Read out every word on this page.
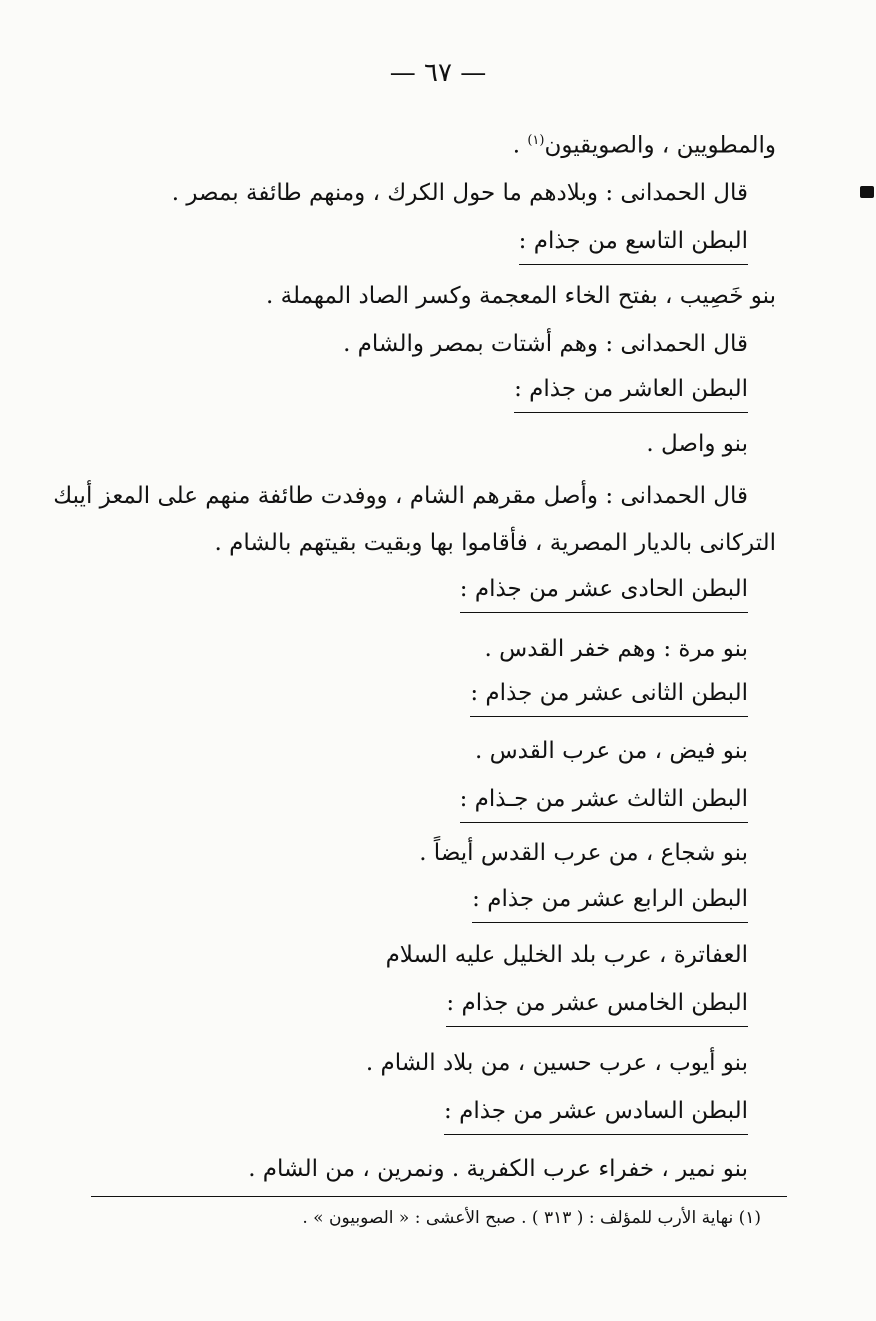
— ٦٧ —
والمطويين ، والصويقيون$^{(١)}$ .
قال الحمدانى : وبلادهم ما حول الكرك ، ومنهم طائفة بمصر .
البطن التاسع من جذام :
بنو خَصِيب ، بفتح الخاء المعجمة وكسر الصاد المهملة .
قال الحمدانى : وهم أشتات بمصر والشام .
البطن العاشر من جذام :
بنو واصل .
قال الحمدانى : وأصل مقرهم الشام ، ووفدت طائفة منهم على المعز أيبك
التركانى بالديار المصرية ، فأقاموا بها وبقيت بقيتهم بالشام .
البطن الحادى عشر من جذام :
بنو مرة : وهم خفر القدس .
البطن الثانى عشر من جذام :
بنو فيض ، من عرب القدس .
البطن الثالث عشر من جـذام :
بنو شجاع ، من عرب القدس أيضاً .
البطن الرابع عشر من جذام :
العفاترة ، عرب بلد الخليل عليه السلام
البطن الخامس عشر من جذام :
بنو أيوب ، عرب حسين ، من بلاد الشام .
البطن السادس عشر من جذام :
بنو نمير ، خفراء عرب الكفرية . ونمرين ، من الشام .
(١) نهاية الأرب للمؤلف : ( ٣١٣ ) . صبح الأعشى : « الصوبيون » .
